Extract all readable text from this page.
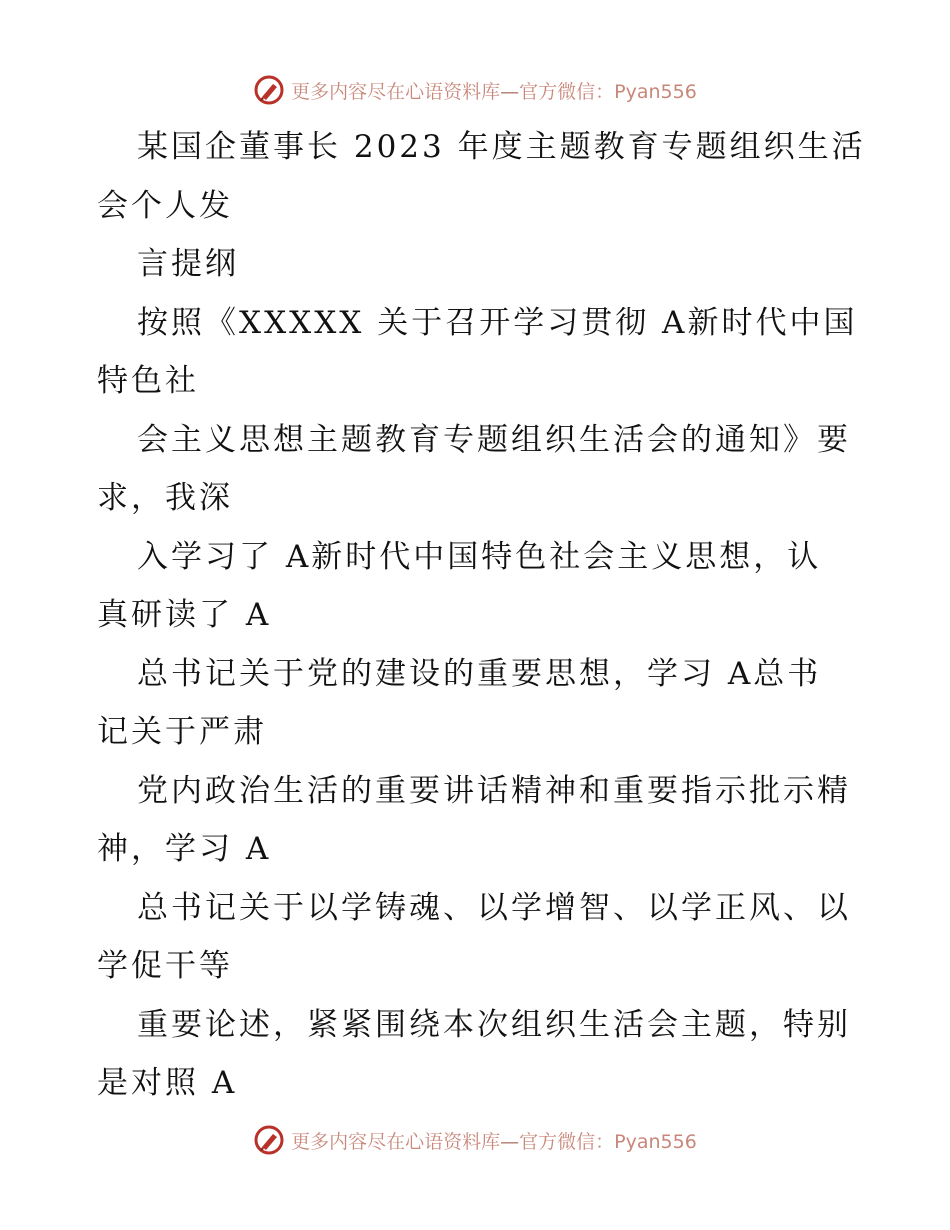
更多内容尽在心语资料库—官方微信：Pyan556
某国企董事长 2023 年度主题教育专题组织生活
会个人发
言提纲
按照《XXXXX 关于召开学习贯彻 A新时代中国
特色社
会主义思想主题教育专题组织生活会的通知》要
求，我深
入学习了 A新时代中国特色社会主义思想，认
真研读了 A
总书记关于党的建设的重要思想，学习 A总书
记关于严肃
党内政治生活的重要讲话精神和重要指示批示精
神，学习 A
总书记关于以学铸魂、以学增智、以学正风、以
学促干等
重要论述，紧紧围绕本次组织生活会主题，特别
是对照 A
更多内容尽在心语资料库—官方微信：Pyan556
